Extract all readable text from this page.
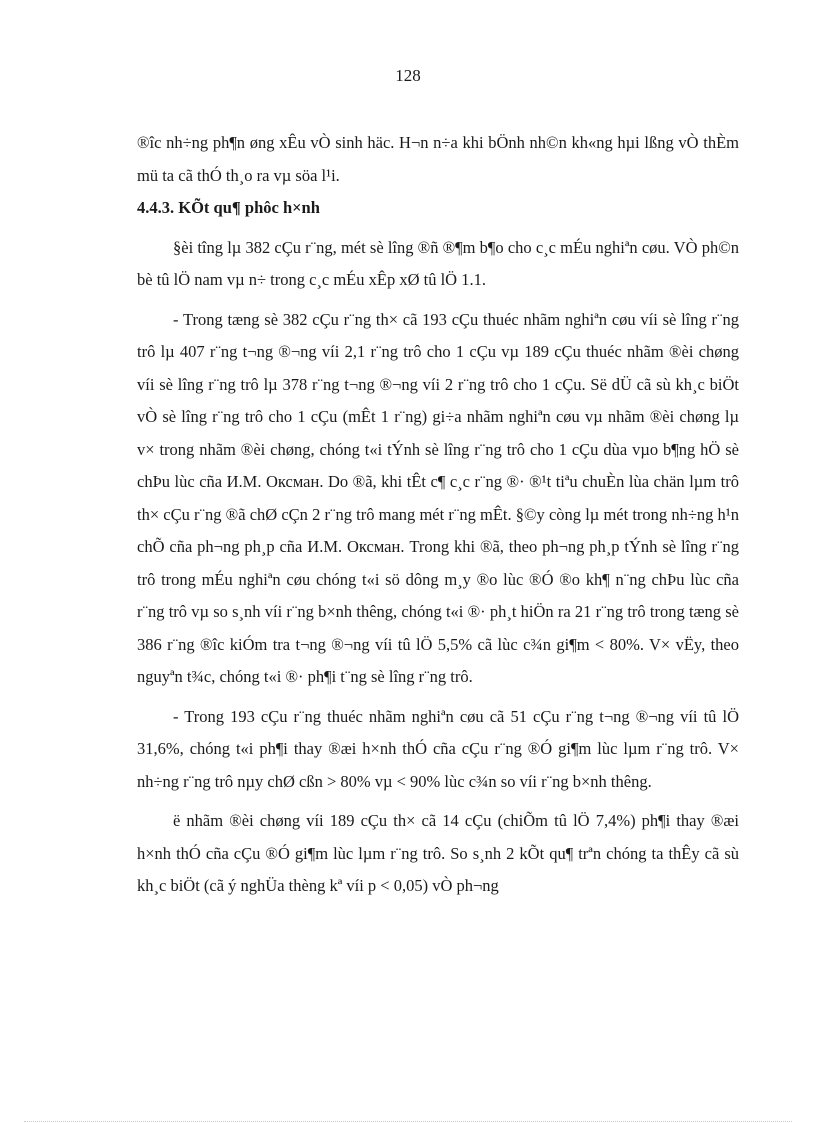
128

®îc nh÷ng ph¶n øng xÊu vÒ sinh häc. H¬n n÷a khi bÖnh nh©n kh«ng hµi lßng vÒ thÈm mü ta cã thÓ th¸o ra vµ söa l¹i.

4.4.3. KÕt qu¶ phôc h×nh

§èi tîng lµ 382 cÇu r¨ng, mét sè lîng ®ñ ®¶m b¶o cho c¸c mÉu nghiªn cøu. VÒ ph©n bè tû lÖ nam vµ n÷ trong c¸c mÉu xÊp xØ tû lÖ 1.1.

- Trong tæng sè 382 cÇu r¨ng th× cã 193 cÇu thuéc nhãm nghiªn cøu víi sè lîng r¨ng trô lµ 407 r¨ng t¬ng ®¬ng víi 2,1 r¨ng trô cho 1 cÇu vµ 189 cÇu thuéc nhãm ®èi chøng víi sè lîng r¨ng trô lµ 378 r¨ng t¬ng ®¬ng víi 2 r¨ng trô cho 1 cÇu. Së dÜ cã sù kh¸c biÖt vÒ sè lîng r¨ng trô cho 1 cÇu (mÊt 1 r¨ng) gi÷a nhãm nghiªn cøu vµ nhãm ®èi chøng lµ v× trong nhãm ®èi chøng, chóng t«i tÝnh sè lîng r¨ng trô cho 1 cÇu dùa vµo b¶ng hÖ sè chÞu lùc cña И.М. Оксман. Do ®ã, khi tÊt c¶ c¸c r¨ng ®· ®¹t tiªu chuÈn lùa chän lµm trô th× cÇu r¨ng ®ã chØ cÇn 2 r¨ng trô mang mét r¨ng mÊt. §©y còng lµ mét trong nh÷ng h¹n chÕ cña ph¬ng ph¸p cña И.М. Оксман. Trong khi ®ã, theo ph¬ng ph¸p tÝnh sè lîng r¨ng trô trong mÉu nghiªn cøu chóng t«i sö dông m¸y ®o lùc ®Ó ®o kh¶ n¨ng chÞu lùc cña r¨ng trô vµ so s¸nh víi r¨ng b×nh thêng, chóng t«i ®· ph¸t hiÖn ra 21 r¨ng trô trong tæng sè 386 r¨ng ®îc kiÓm tra t¬ng ®¬ng víi tû lÖ 5,5% cã lùc c¾n gi¶m < 80%. V× vËy, theo nguyªn t¾c, chóng t«i ®· ph¶i t¨ng sè lîng r¨ng trô.

- Trong 193 cÇu r¨ng thuéc nhãm nghiªn cøu cã 51 cÇu r¨ng t¬ng ®¬ng víi tû lÖ 31,6%, chóng t«i ph¶i thay ®æi h×nh thÓ cña cÇu r¨ng ®Ó gi¶m lùc lµm r¨ng trô. V× nh÷ng r¨ng trô nµy chØ cßn > 80% vµ < 90% lùc c¾n so víi r¨ng b×nh thêng.

ë nhãm ®èi chøng víi 189 cÇu th× cã 14 cÇu (chiÕm tû lÖ 7,4%) ph¶i thay ®æi h×nh thÓ cña cÇu ®Ó gi¶m lùc lµm r¨ng trô. So s¸nh 2 kÕt qu¶ trªn chóng ta thÊy cã sù kh¸c biÖt (cã ý nghÜa thèng kª víi p < 0,05) vÒ ph¬ng
